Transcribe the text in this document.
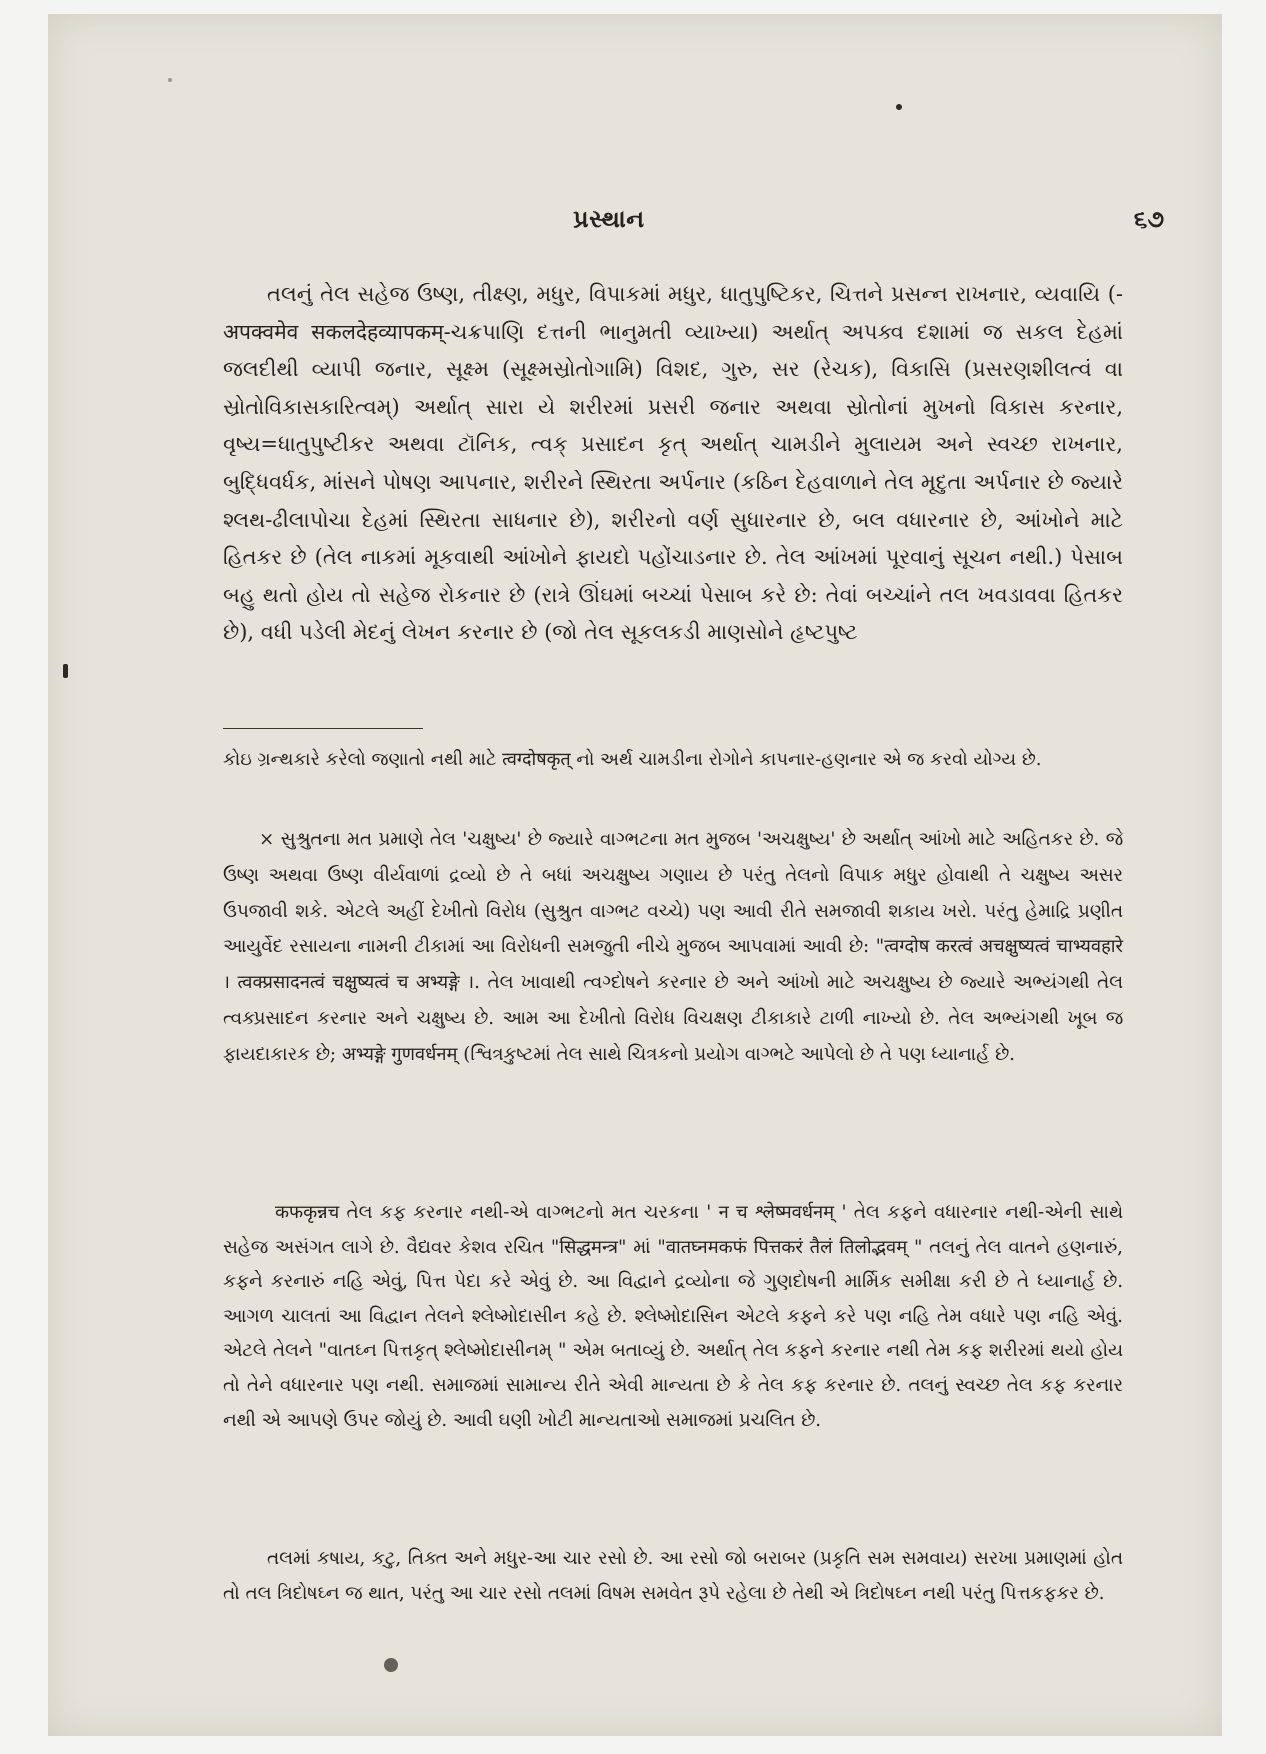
પ્રસ્થાન	૬૭

તલનું તેલ સહેજ ઉષ્ણ, તીક્ષ્ણ, મધુર, વિપાકમાં મધુર, ધાતુપુષ્ટિકર, ચિત્તને પ્રસન્ન રાખનાર, વ્યવાયિ (- अपक्वमेव सकलदेहव्यापकम्-ચક્રપાણિ દત્તની ભાનુમતી વ્યાખ્યા) અર્થાત્ અપક્વ દશામાં જ સકલ દેહમાં જલદીથી વ્યાપી જનાર, સૂક્ષ્મ (સૂક્ષ્મસ્રોતોગામિ) વિશદ, ગુરુ, સર (રેચક), વિકાસિ (પ્રસરણશીલત્વં વા સ્રોતોવિકાસકારિત્વમ્) અર્થાત્ સારા યે શરીરમાં પ્રસરી જનાર અથવા સ્રોતોનાં મુખનો વિકાસ કરનાર, વૃષ્ય=ધાતુપુષ્ટીકર અથવા ટૉનિક, ત્વક્ પ્રસાદન કૃત્ અર્થાત્ ચામડીને મુલાયમ અને સ્વચ્છ રાખનાર, બુદ્ધિવર્ધક, માંસને પોષણ આપનાર, શરીરને સ્થિરતા અર્પનાર (કઠિન દેહવાળાને તેલ મૃદુતા અર્પનાર છે જ્યારે શ્લથ-ઢીલાપોચા દેહમાં સ્થિરતા સાધનાર છે), શરીરનો વર્ણ સુધારનાર છે, બલ વધારનાર છે, આંખોને માટે હિતકર છે (તેલ નાકમાં મૂકવાથી આંખોને ફાયદો પહોંચાડનાર છે. તેલ આંખમાં પૂરવાનું સૂચન નથી.) પેસાબ બહુ થતો હોય તો સહેજ રોકનાર છે (રાત્રે ઊંઘમાં બચ્ચાં પેસાબ કરે છે: તેવાં બચ્ચાંને તલ ખવડાવવા હિતકર છે), વધી પડેલી મેદનું લેખન કરનાર છે (જો તેલ સૂકલકડી માણસોને હૃષ્ટપુષ્ટ

કોઇ ગ્રન્થકારે કરેલો જણાતો નથી માટે त्वग्दोषकृत् નો અર્થ ચામડીના રોગોને કાપનાર-હણનાર એ જ કરવો યોગ્ય છે.

× સુશ્રુતના મત પ્રમાણે તેલ 'ચક્ષુષ્ય' છે જ્યારે વાગ્ભટના મત મુજબ 'અચક્ષુષ્ય' છે અર્થાત્ આંખો માટે અહિતકર છે. જે ઉષ્ણ અથવા ઉષ્ણ વીર્યવાળાં દ્રવ્યો છે તે બધાં અચક્ષુષ્ય ગણાય છે પરંતુ તેલનો વિપાક મધુર હોવાથી તે ચક્ષુષ્ય અસર ઉપજાવી શકે. એટલે અહીં દેખીતો વિરોધ (સુશ્રુત વાગ્ભટ વચ્ચે) પણ આવી રીતે સમજાવી શકાય ખરો. પરંતુ હેમાદ્રિ પ્રણીત આયુર્વેદ રસાયના નામની ટીકામાં આ વિરોધની સમજુતી નીચે મુજબ આપવામાં આવી છે: "त्वग्दोष करत्वं अचक्षुष्यत्वं चाभ्यवहारे । त्वक्प्रसादनत्वं चक्षुष्यत्वं च अभ्यङ्गे ।. તેલ ખાવાથી ત્વગ્દોષને કરનાર છે અને આંખો માટે અચક્ષુષ્ય છે જ્યારે અભ્યંગથી તેલ ત્વક્પ્રસાદન કરનાર અને ચક્ષુષ્ય છે. આમ આ દેખીતો વિરોધ વિચક્ષણ ટીકાકારે ટાળી નાખ્યો છે. તેલ અભ્યંગથી ખૂબ જ ફાયદાકારક છે; अभ्यङ्गे गुणवर्धनम् (શ્વિત્રકુષ્ટમાં તેલ સાથે ચિત્રકનો પ્રયોગ વાગ્ભટે આપેલો છે તે પણ ધ્યાનાર્હ છે.

कफकृन्नच તેલ કફ કરનાર નથી-એ વાગ્ભટનો મત ચરકના ' न च श्लेष्मवर्धनम् ' તેલ કફને વધારનાર નથી-એની સાથે સહેજ અસંગત લાગે છે. વૈદ્યવર કેશવ રચિત "सिद्धमन्त्र" માં "वातघ्नमकफं पित्तकरं तैलं तिलोद्भवम् " તલનું તેલ વાતને હણનારું, કફને કરનારું નહિ એવું, પિત્ત પેદા કરે એવું છે. આ વિદ્વાને દ્રવ્યોના જે ગુણદોષની માર્મિક સમીક્ષા કરી છે તે ધ્યાનાર્હ છે. આગળ ચાલતાં આ વિદ્વાન તેલને શ્લેષ્મોદાસીન કહે છે. શ્લેષ્મોદાસિન એટલે કફને કરે પણ નહિ તેમ વધારે પણ નહિ એવું. એટલે તેલને "વાતઘ્ન પિત્તકૃત્ શ્લેષ્મોદાસીનમ્ " એમ બતાવ્યું છે. અર્થાત્ તેલ કફને કરનાર નથી તેમ કફ શરીરમાં થયો હોય તો તેને વધારનાર પણ નથી. સમાજમાં સામાન્ય રીતે એવી માન્યતા છે કે તેલ કફ કરનાર છે. તલનું સ્વચ્છ તેલ કફ કરનાર નથી એ આપણે ઉપર જોયું છે. આવી ઘણી ખોટી માન્યતાઓ સમાજમાં પ્રચલિત છે.

તલમાં કષાય, કટુ, તિક્ત અને મધુર-આ ચાર રસો છે. આ રસો જો બરાબર (પ્રકૃતિ સમ સમવાય) સરખા પ્રમાણમાં હોત તો તલ ત્રિદોષઘ્ન જ થાત, પરંતુ આ ચાર રસો તલમાં વિષમ સમવેત રૂપે રહેલા છે તેથી એ ત્રિદોષઘ્ન નથી પરંતુ પિત્તકફકર છે.
